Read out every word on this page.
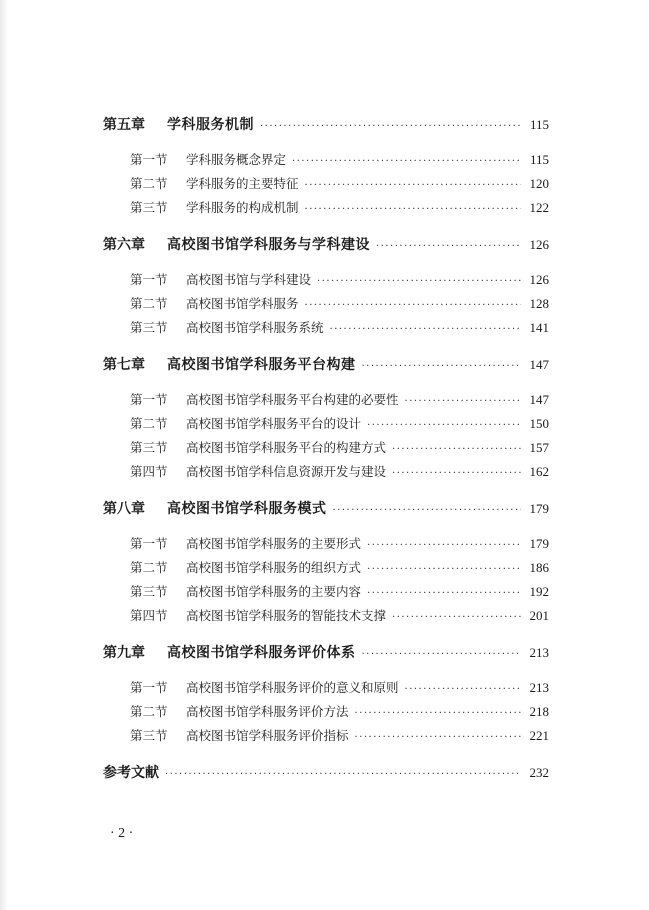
第五章	学科服务机制 ·····	115
第一节	学科服务概念界定 ·····	115
第二节	学科服务的主要特征 ·····	120
第三节	学科服务的构成机制 ·····	122
第六章	高校图书馆学科服务与学科建设 ·····	126
第一节	高校图书馆与学科建设 ·····	126
第二节	高校图书馆学科服务 ·····	128
第三节	高校图书馆学科服务系统 ·····	141
第七章	高校图书馆学科服务平台构建 ·····	147
第一节	高校图书馆学科服务平台构建的必要性 ·····	147
第二节	高校图书馆学科服务平台的设计 ·····	150
第三节	高校图书馆学科服务平台的构建方式 ·····	157
第四节	高校图书馆学科信息资源开发与建设 ·····	162
第八章	高校图书馆学科服务模式 ·····	179
第一节	高校图书馆学科服务的主要形式 ·····	179
第二节	高校图书馆学科服务的组织方式 ·····	186
第三节	高校图书馆学科服务的主要内容 ·····	192
第四节	高校图书馆学科服务的智能技术支撑 ·····	201
第九章	高校图书馆学科服务评价体系 ·····	213
第一节	高校图书馆学科服务评价的意义和原则 ·····	213
第二节	高校图书馆学科服务评价方法 ·····	218
第三节	高校图书馆学科服务评价指标 ·····	221
参考文献 ·····	232
· 2 ·
